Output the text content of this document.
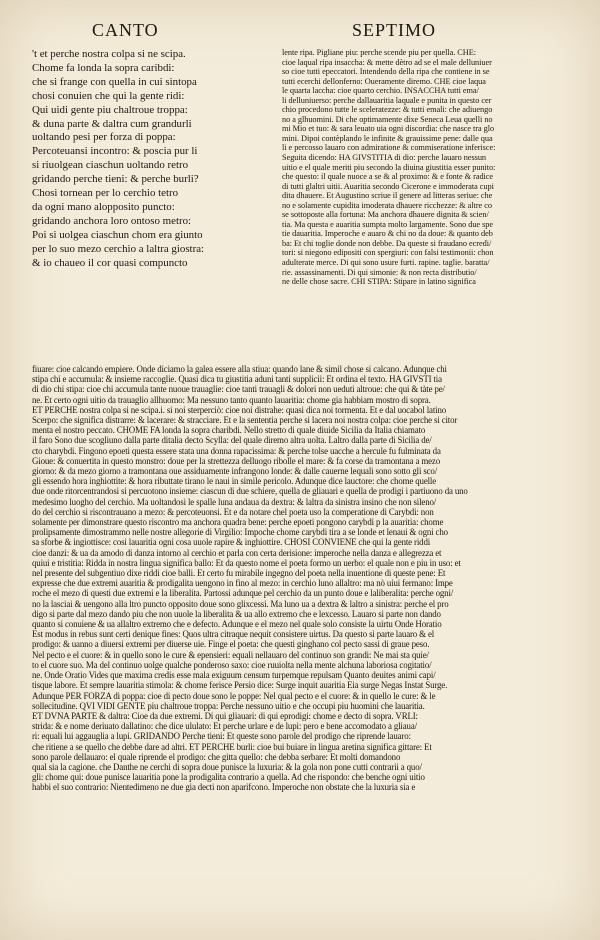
CANTO	SEPTIMO
't et perche nostra colpa si ne scipa.
Chome fa londa la sopra caribdi:
che si frange con quella in cui sintopa
chosi conuien che qui la gente ridi:
Qui uidi gente piu chaltroue troppa:
& duna parte & daltra cum grandurli
uoltando pesi per forza di poppa:
Percoteuansi incontro: & poscia pur li
si riuolgean ciaschun uoltando retro
gridando perche tieni: & perche burli?
Chosi tornean per lo cerchio tetro
da ogni mano alopposito puncto:
gridando anchora loro ontoso metro:
Poi si uolgea ciaschun chom era giunto
per lo suo mezo cerchio a laltra giostra:
& io chaueo il cor quasi compuncto
lente ripa. Pigliane piu: perche scende piu per quella. CHE:
cioe laqual ripa insaccha: & mette dètro ad se el male delluniuer
so cioe tutti epeccatori. Intendendo della ripa che contiene in se
tutti ecerchi dellonferno: Oueramente diremo. CHE cioe laqua
le quarta laccha: cioe quarto cerchio. INSACCHA tutti ema/
li delluniuerso: perche dallauaritia laquale e punita in questo cer
chio procedono tutte le sceleratezze: & tutti emali: che adiuengo
no a glhuomini. Di che optimamente dixe Seneca Leua quelli no
mi Mio et tuo: & sara leuato uia ogni discordia: che nasce tra glo
mini. Dipoi contèplando le infinite & grauissime pene: dalle qua
li e percosso lauaro con admiratione & commiseratione inferisce:
Seguita dicendo: HA GIVSTITIA di dio: perche lauaro nessun
uitio e el quale meriti piu secondo la diuina giustitia esser punito:
che questo: il quale nuoce a se & al proximo: & e fonte & radice
di tutti glaltri uitii. Auaritia secondo Cicerone e immoderata cupi
dita dhauere. Et Augustino scriue il genere ad litteras seriue: che
no e solamente cupidita imoderata dhauere ricchezze: & altre co
se sottoposte alla fortuna: Ma anchora dhauere dignita & scien/
tia. Ma questa e auaritia sumpta molto largamente. Sono due spe
tie dauaritia. Imperoche e auaro & chi no da doue: & quanto deb
ba: Et chi toglie donde non debbe. Da queste si fraudano ecredi/
tori: si niegono edipositi con spergiuri: con falsi testimonii: chon
adulterate merce. Di qui sono usure furti. rapine. taglie. baratta/
rie. assassinamenti. Di qui simonie: & non recta distributio/
ne delle chose sacre. CHI STIPA: Stipare in latino significa
fiuare: cioe calcando empiere. Onde diciamo la galea essere alla stiua: quando lane & simil chose si calcano. Adunque chi
stipa chi e accumula: & insieme raccoglie. Quasi dica tu giustitia aduni tanti supplicii: Et ordina el texto. HA GIVSTI tia
di dio chi stipa: cioe chi accumula tante nuoue trauaglie: cioe tanti trauagli & dolori non ueduti altroue: che qui & tàte pe/
ne. Et certo ogni uitio da trauaglio allhuomo: Ma nessuno tanto quanto lauaritia: chome gia habbiam mostro di sopra.
ET PERCHE nostra colpa si ne scipa.i. si noi sterperciò: cioe noi distrahe: quasi dica noi tormenta. Et e dal uocabol latino
Scerpo: che significa distrarre: & lacerare: & stracciare. Et e la sententia perche si lacera noi nostra colpa: cioe perche si citor
menta el nostro peccato. CHOME FA londa la sopra charibdi. Nello stretto di quale diuide Sicilia da Italia chiamato
il faro Sono due scogliuno dalla parte ditalia decto Scylla: del quale diremo altra uolta. Laltro dalla parte di Sicilia de/
cto charybdi. Fingono epoeti questa essere stata una donna rapacissima: & perche tolse uacche a hercule fu fulminata da
Gioue: & conuertita in questo monstro: doue per la strettezza delluogo ribolle el mare: & fa corse da tramontana a mezo
giorno: & da mezo giorno a tramontana oue assiduamente infrangono londe: & dalle cauerne lequali sono sotto gli sco/
gli essendo hora inghiottite: & hora ributtate tirano le naui in simile pericolo. Adunque dice lauctore: che chome quelle
due onde ritorcentrandosi si percuotono insieme: ciascun di due schiere, quella de gliauari e quella de prodigi i partiuono da uno
medesimo luogho del cerchio. Ma uoltandosi le spalle luna andaua da dextra: & laltra da sinistra insino che non sileno/
do del cerchio si riscontrauano a mezo: & percoteuonsi. Et e da notare chel poeta uso la comperatione di Carybdi: non
solamente per dimonstrare questo riscontro ma anchora quadra bene: perche epoeti pongono carybdi p la auaritia: chome
prolipsamente dimostrammo nelle nostre allegorie di Virgilio: Impoche chome carybdi tira a se londe et lenaui & ogni cho
sa sforbe & ingiottisce: cosi lauaritia ogni cosa uuole rapire & inghiottire. CHOSI CONVIENE che qui la gente riddi
cioe danzi: & ua da amodo di danza intorno al cerchio et parla con certa derisione: imperoche nella danza e allegrezza et
quiui e tristitia: Ridda in nostra lingua significa ballo: Et da questo nome el poeta formo un uerbo: el quale non e piu in uso: et
nel presente del subgentiuo dixe riddi cioe balli. Et certo fu mirabile ingegno del poeta nella inuentione di queste pene: Et
expresse che due extremi auaritia & prodigalita uengono in fino al mezo: in cerchio luno allaltro: ma nò uiui fermano: Impe
roche el mezo di questi due extremi e la liberalita. Partossi adunque pel cerchio da un punto doue e laliberalita: perche ogni/
no la lasciai & uengono alla ltro puncto opposito doue sono glixcessi. Ma luno ua a dextra & laltro a sinistra: perche el pro
digo si parte dal mezo dando piu che non uuole la liberalita & ua allo extremo che e lexcesso. Lauaro si parte non dando
quanto si conuiene & ua allaltro extremo che e defecto. Adunque e el mezo nel quale solo consiste la uirtu Onde Horatio
Est modus in rebus sunt certi denique fines: Quos ultra citraque nequit consistere uirtus. Da questo si parte lauaro & el
prodigo: & uanno a diuersi extremi per diuerse uie. Finge el poeta: che questi ginghano col pecto sassi di graue peso.
Nel pecto e el cuore: & in quello sono le cure & epensieri: equali nellauaro del continuo son grandi: Ne mai sta quie/
to el cuore suo. Ma del continuo uolge qualche ponderoso saxo: cioe ruuiolta nella mente alchuna laboriosa cogitatio/
ne. Onde Oratio Vides que maxima credis esse mala exiguum censum turpemque repulsam Quanto deuites animi capi/
tisque labore. Et sempre lauaritia stimola: & chome ferisce Persio dice: Surge inquit auaritia Eia surge Negas Instat Surge.
Adunque PER FORZA di poppa: cioe di pecto doue sono le poppe: Nel qual pecto e el cuore: & in quello le cure: & le
sollecitudine. QVI VIDI GENTE piu chaltroue troppa: Perche nessuno uitio e che occupi piu huomini che lauaritia.
ET DVNA PARTE & daltra: Cioe da due extremi. Di qui gliauari: di qui eprodigi: chome e decto di sopra. VRLI:
strida: & e nome deriuato dallatino: che dice ululato: Et perche urlare e de lupi: pero e bene accomodato a gliaua/
ri: equali lui aggauglia a lupi. GRIDANDO Perche tieni: Et queste sono parole del prodigo che riprende lauaro:
che ritiene a se quello che debbe dare ad altri. ET PERCHE burli: cioe bui buiare in lingua aretina significa gittare: Et
sono parole dellauaro: el quale riprende el prodigo: che gitta quello: che debba serbare: Et molti domandono
qual sia la cagione. che Danthe ne cerchi di sopra doue punisce la luxuria: & la gola non pone cutti contrarii a quo/
gli: chome qui: doue punisce lauaritia pone la prodigalita contrario a quella. Ad che rispondo: che benche ogni uitio
habbi el suo contrario: Nientedimeno ne due gia decti non aparifcono. Imperoche non obstate che la luxuria sia e
